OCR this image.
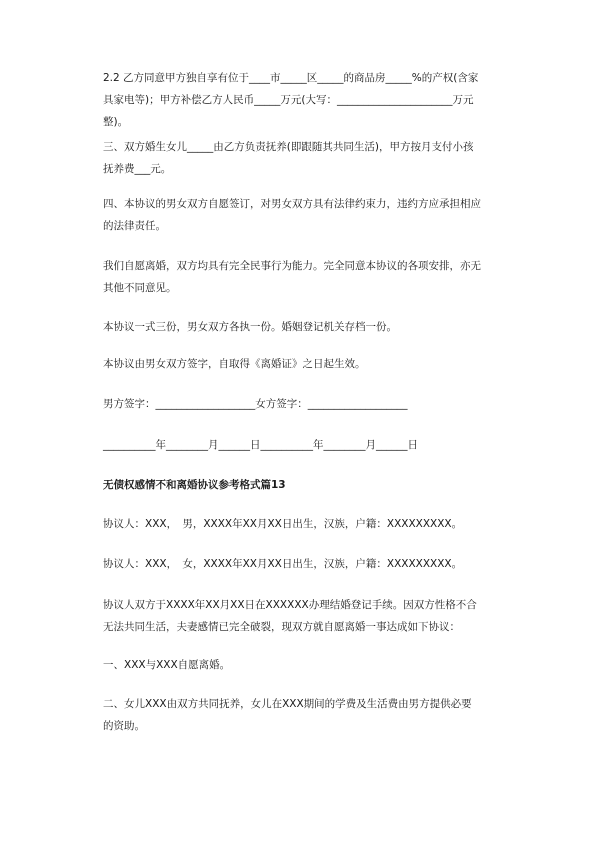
2.2 乙方同意甲方独自享有位于____市_____区_____的商品房_____%的产权(含家具家电等)；甲方补偿乙方人民币_____万元(大写：______________________万元整)。

三、双方婚生女儿_____由乙方负责抚养(即跟随其共同生活)，甲方按月支付小孩抚养费___元。

四、本协议的男女双方自愿签订，对男女双方具有法律约束力，违约方应承担相应的法律责任。

我们自愿离婚，双方均具有完全民事行为能力。完全同意本协议的各项安排，亦无其他不同意见。

本协议一式三份，男女双方各执一份。婚姻登记机关存档一份。

本协议由男女双方签字，自取得《离婚证》之日起生效。

男方签字：___________________女方签字：___________________

__________年________月______日__________年________月______日

无债权感情不和离婚协议参考格式篇13

协议人：XXX，　男，XXXX年XX月XX日出生，汉族，户籍：XXXXXXXXX。

协议人：XXX，　女，XXXX年XX月XX日出生，汉族，户籍：XXXXXXXXX。

协议人双方于XXXX年XX月XX日在XXXXXX办理结婚登记手续。因双方性格不合无法共同生活，夫妻感情已完全破裂，现双方就自愿离婚一事达成如下协议：

一、XXX与XXX自愿离婚。

二、女儿XXX由双方共同抚养，女儿在XXX期间的学费及生活费由男方提供必要的资助。
